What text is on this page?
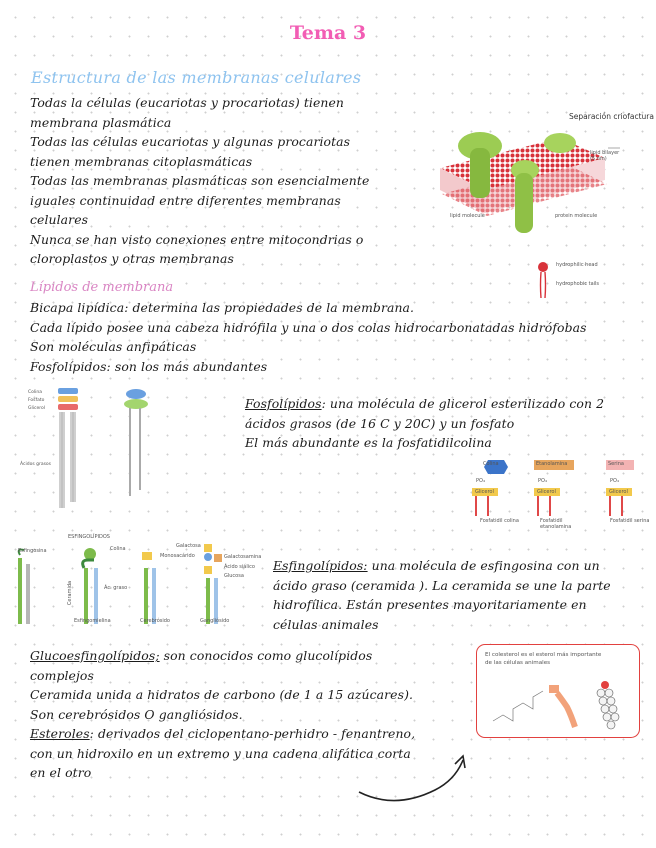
Tema 3
Estructura de las membranas celulares
Todas la células (eucariotas y procariotas) tienen
membrana plasmática
Todas las células eucariotas y algunas procariotas
tienen membranas citoplasmáticas
Todas las membranas plasmáticas son esencialmente
iguales continuidad entre diferentes membranas
celulares
Nunca se han visto conexiones entre mitocondrias o
cloroplastos y otras membranas
Separación criofactura
lipid bilayer
(5 nm)
lipid molecule	protein molecule
hydrophilic head
hydrophobic tails
Lípidos de membrana
Bicapa lipídica: determina las propiedades de la membrana.
Cada lípido posee una cabeza hidrófila y una o dos colas hidrocarbonatadas hidrófobas
Son moléculas anfipáticas
Fosfolípidos: son los más abundantes
Colina
Fosfato
Glicerol
Ácidos grasos
Fosfolípidos: una molécula de glicerol esterilizado con 2
ácidos grasos (de 16 C y 20C) y un fosfato
El más abundante es la fosfatidilcolina
Colina	Etanolamina	Serina
PO₄	PO₄	PO₄
Glicerol	Glicerol	Glicerol
Fosfatidil colina	Fosfatidil etanolamina
Fosfatidil serina
ESFINGOLÍPIDOS
Esfingosina	Colina
Monosacárido
Ceramida	Ác. graso
Esfingomielina	Cerebrósido	Gangliósido
Galactosa
Galactosamina
Ácido siálico
Glucosa
Esfingolípidos: una molécula de esfingosina con un
ácido graso (ceramida ). La ceramida se une la parte
hidrofílica. Están presentes mayoritariamente en
células animales
Glucoesfingolípidos; son conocidos como glucolípidos
complejos
Ceramida unida a hidratos de carbono (de 1 a 15 azúcares).
Son cerebrósidos O gangliósidos.
Esteroles: derivados del ciclopentano-perhidro - fenantreno,
con un hidroxilo en un extremo y una cadena alifática corta
en el otro
El colesterol es el esterol más importante
de las células animales
